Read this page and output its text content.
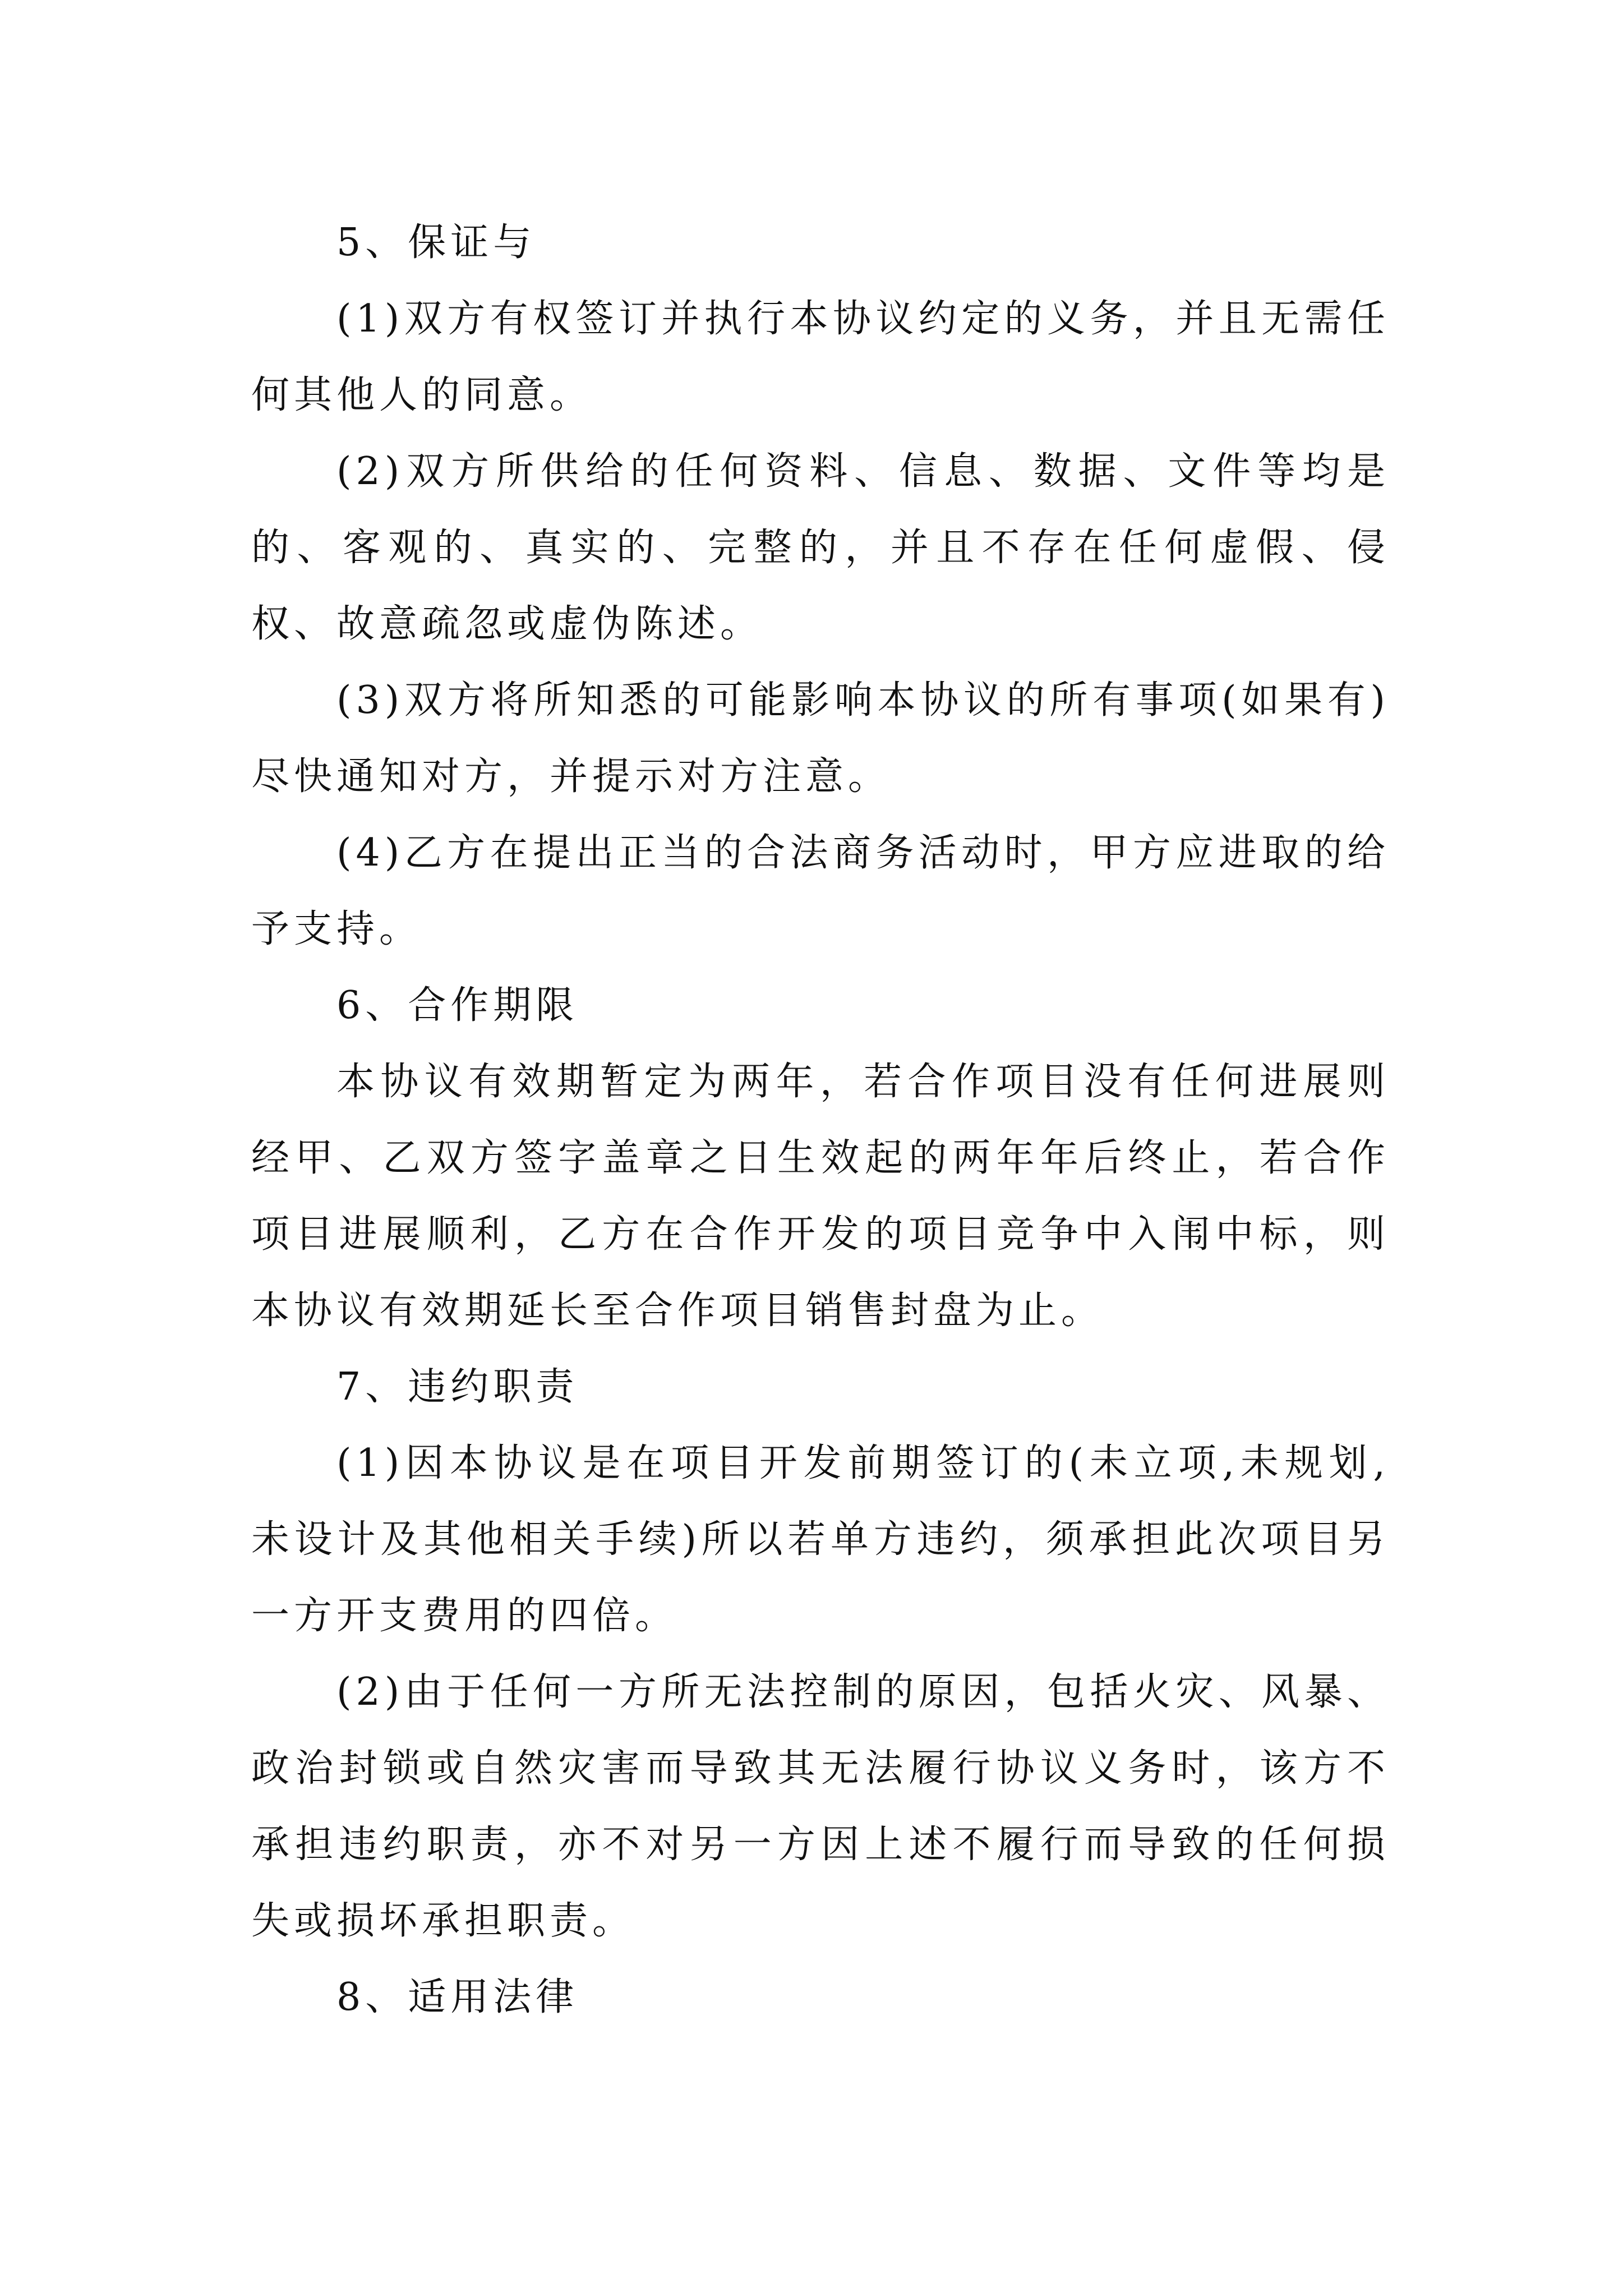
5、保证与

(1)双方有权签订并执行本协议约定的义务，并且无需任何其他人的同意。

(2)双方所供给的任何资料、信息、数据、文件等均是的、客观的、真实的、完整的，并且不存在任何虚假、侵权、故意疏忽或虚伪陈述。

(3)双方将所知悉的可能影响本协议的所有事项(如果有)尽快通知对方，并提示对方注意。

(4)乙方在提出正当的合法商务活动时，甲方应进取的给予支持。

6、合作期限

本协议有效期暂定为两年，若合作项目没有任何进展则经甲、乙双方签字盖章之日生效起的两年年后终止，若合作项目进展顺利，乙方在合作开发的项目竞争中入闱中标，则本协议有效期延长至合作项目销售封盘为止。

7、违约职责

(1)因本协议是在项目开发前期签订的(未立项,未规划,未设计及其他相关手续)所以若单方违约，须承担此次项目另一方开支费用的四倍。

(2)由于任何一方所无法控制的原因，包括火灾、风暴、政治封锁或自然灾害而导致其无法履行协议义务时，该方不承担违约职责，亦不对另一方因上述不履行而导致的任何损失或损坏承担职责。

8、适用法律
